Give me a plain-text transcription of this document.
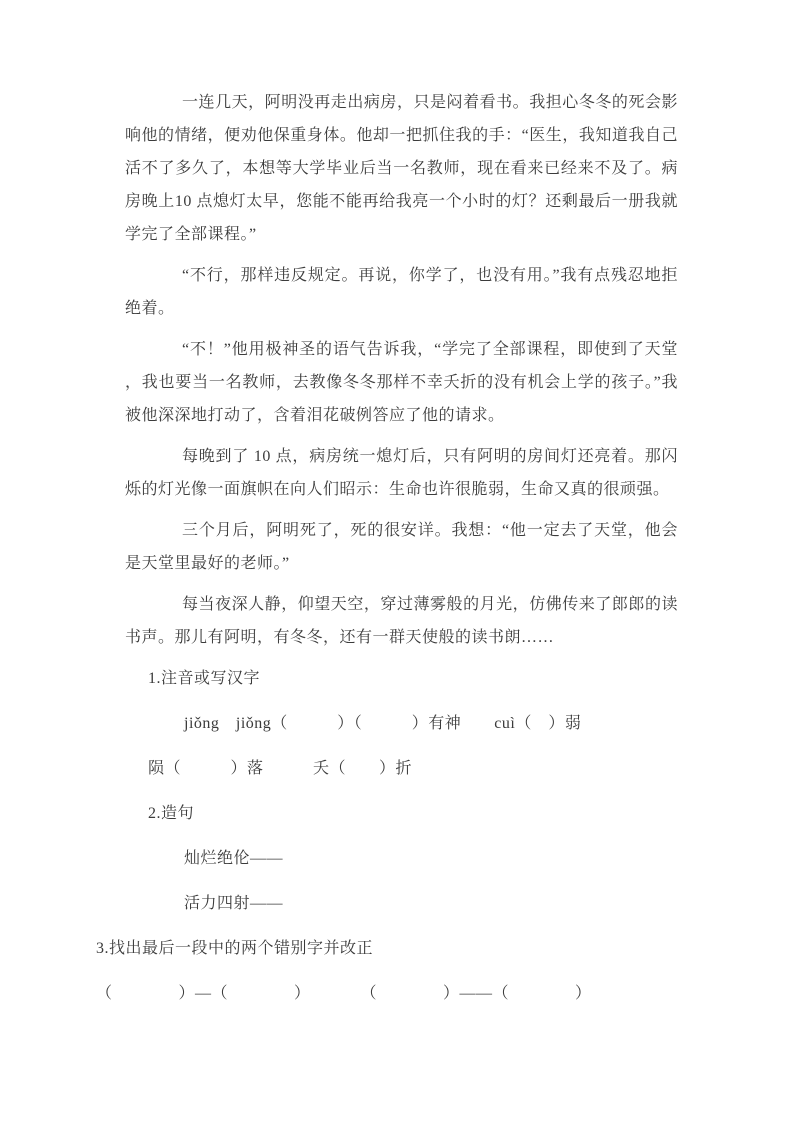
一连几天，阿明没再走出病房，只是闷着看书。我担心冬冬的死会影响他的情绪，便劝他保重身体。他却一把抓住我的手：“医生，我知道我自己活不了多久了，本想等大学毕业后当一名教师，现在看来已经来不及了。病房晚上10 点熄灯太早，您能不能再给我亮一个小时的灯？还剩最后一册我就学完了全部课程。”

“不行，那样违反规定。再说，你学了，也没有用。”我有点残忍地拒绝着。

“不！”他用极神圣的语气告诉我，“学完了全部课程，即使到了天堂 ，我也要当一名教师，去教像冬冬那样不幸夭折的没有机会上学的孩子。”我被他深深地打动了，含着泪花破例答应了他的请求。

每晚到了 10 点，病房统一熄灯后，只有阿明的房间灯还亮着。那闪烁的灯光像一面旗帜在向人们昭示：生命也许很脆弱，生命又真的很顽强。

三个月后，阿明死了，死的很安详。我想：“他一定去了天堂，他会是天堂里最好的老师。”

每当夜深人静，仰望天空，穿过薄雾般的月光，仿佛传来了郎郎的读书声。那儿有阿明，有冬冬，还有一群天使般的读书朗……

1.注音或写汉字

jiǒng　jiǒng（　　　）（　　　）有神　　cuì（　）弱

陨（　　　）落　　　夭（　　）折

2.造句

灿烂绝伦——

活力四射——

3.找出最后一段中的两个错别字并改正

（　　　　）—（　　　　）　　　　（　　　　）——（　　　　）
